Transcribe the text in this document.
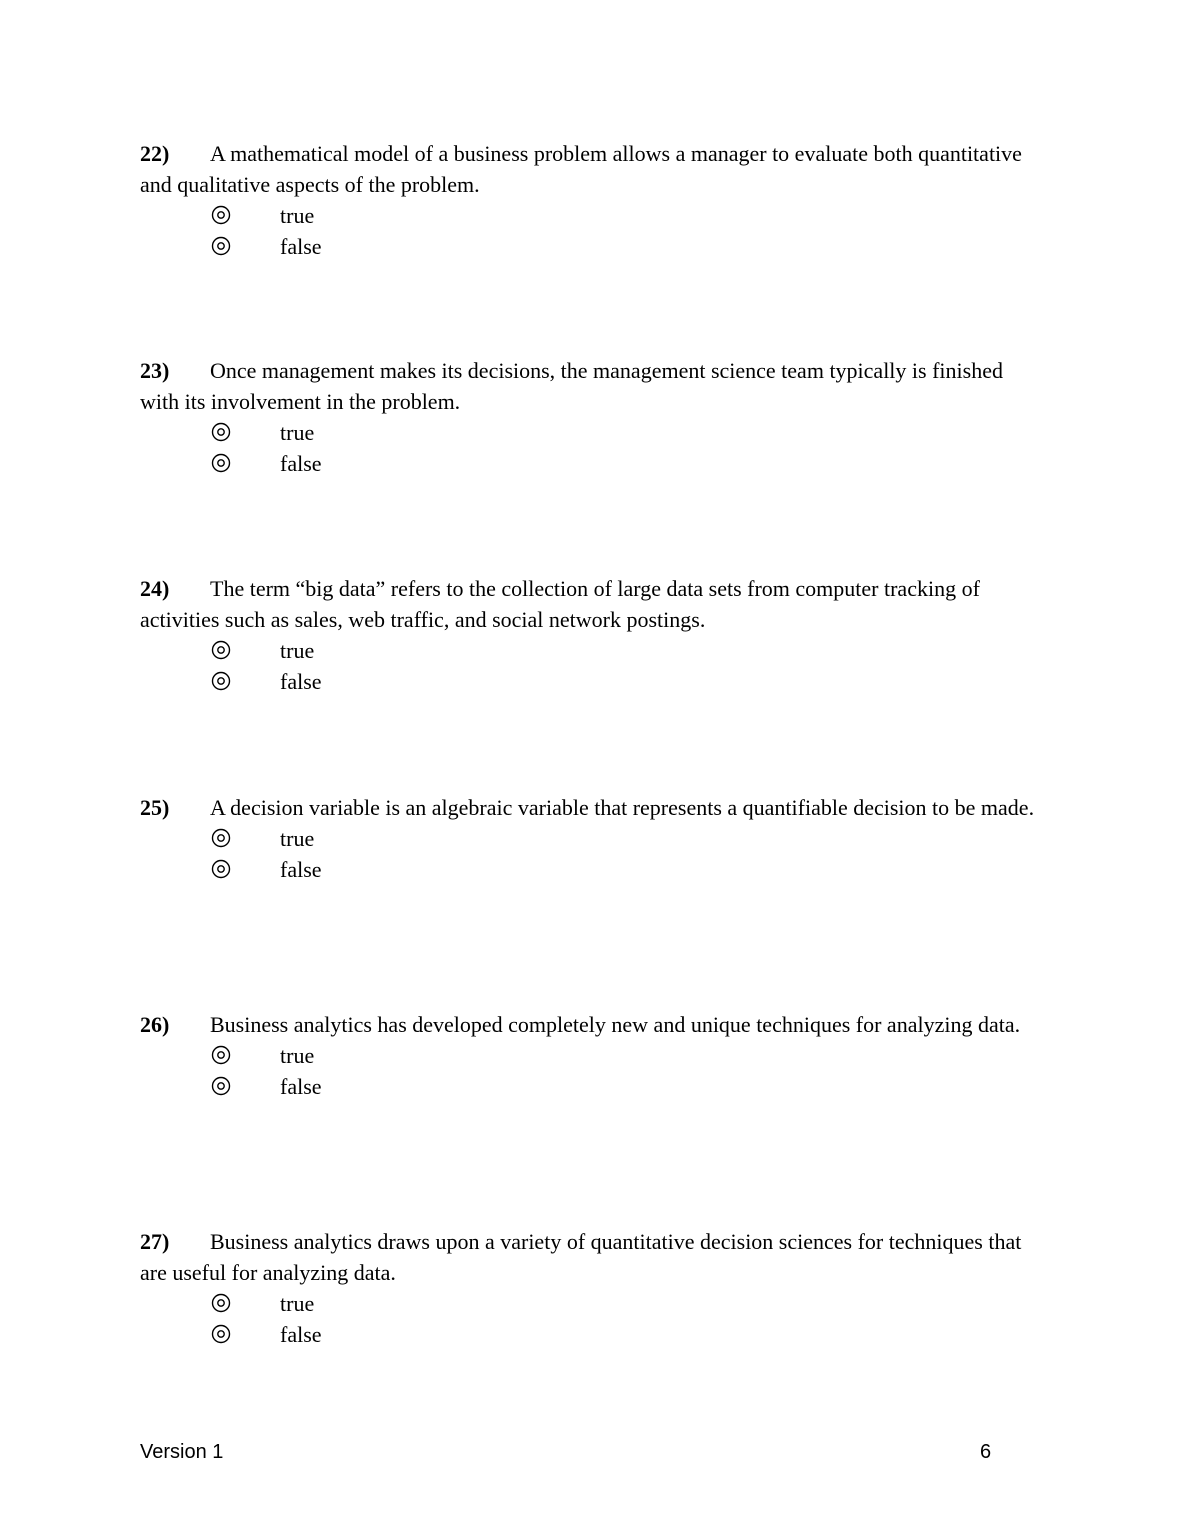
22) A mathematical model of a business problem allows a manager to evaluate both quantitative and qualitative aspects of the problem.

true
false

23) Once management makes its decisions, the management science team typically is finished with its involvement in the problem.

true
false

24) The term “big data” refers to the collection of large data sets from computer tracking of activities such as sales, web traffic, and social network postings.

true
false

25) A decision variable is an algebraic variable that represents a quantifiable decision to be made.

true
false

26) Business analytics has developed completely new and unique techniques for analyzing data.

true
false

27) Business analytics draws upon a variety of quantitative decision sciences for techniques that are useful for analyzing data.

true
false
Version 1	6
